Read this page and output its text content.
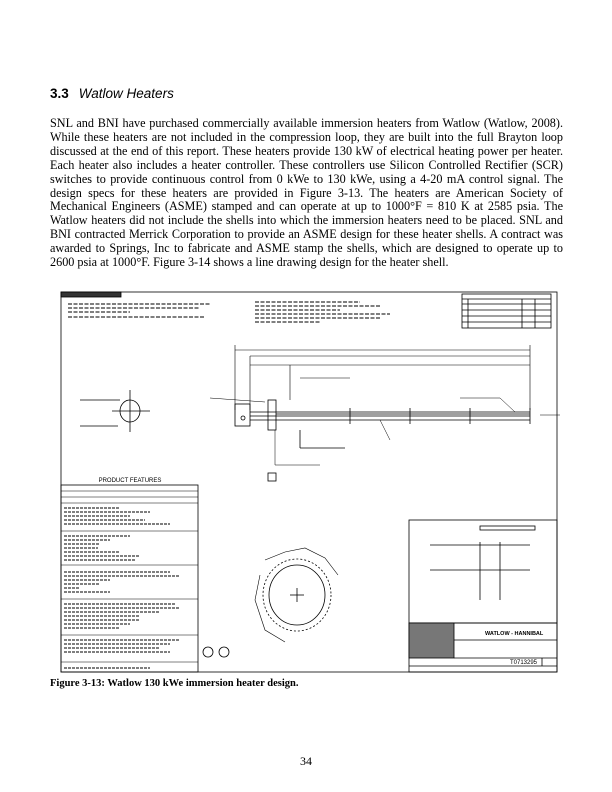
3.3 Watlow Heaters
SNL and BNI have purchased commercially available immersion heaters from Watlow (Watlow, 2008). While these heaters are not included in the compression loop, they are built into the full Brayton loop discussed at the end of this report. These heaters provide 130 kW of electrical heating power per heater. Each heater also includes a heater controller. These controllers use Silicon Controlled Rectifier (SCR) switches to provide continuous control from 0 kWe to 130 kWe, using a 4-20 mA control signal. The design specs for these heaters are provided in Figure 3-13. The heaters are American Society of Mechanical Engineers (ASME) stamped and can operate at up to 1000°F = 810 K at 2585 psia. The Watlow heaters did not include the shells into which the immersion heaters need to be placed. SNL and BNI contracted Merrick Corporation to provide an ASME design for these heater shells. A contract was awarded to Springs, Inc to fabricate and ASME stamp the shells, which are designed to operate up to 2600 psia at 1000°F. Figure 3-14 shows a line drawing design for the heater shell.
PRODUCT FEATURES
WATLOW - HANNIBAL
T0713295
Figure 3-13: Watlow 130 kWe immersion heater design.
34
